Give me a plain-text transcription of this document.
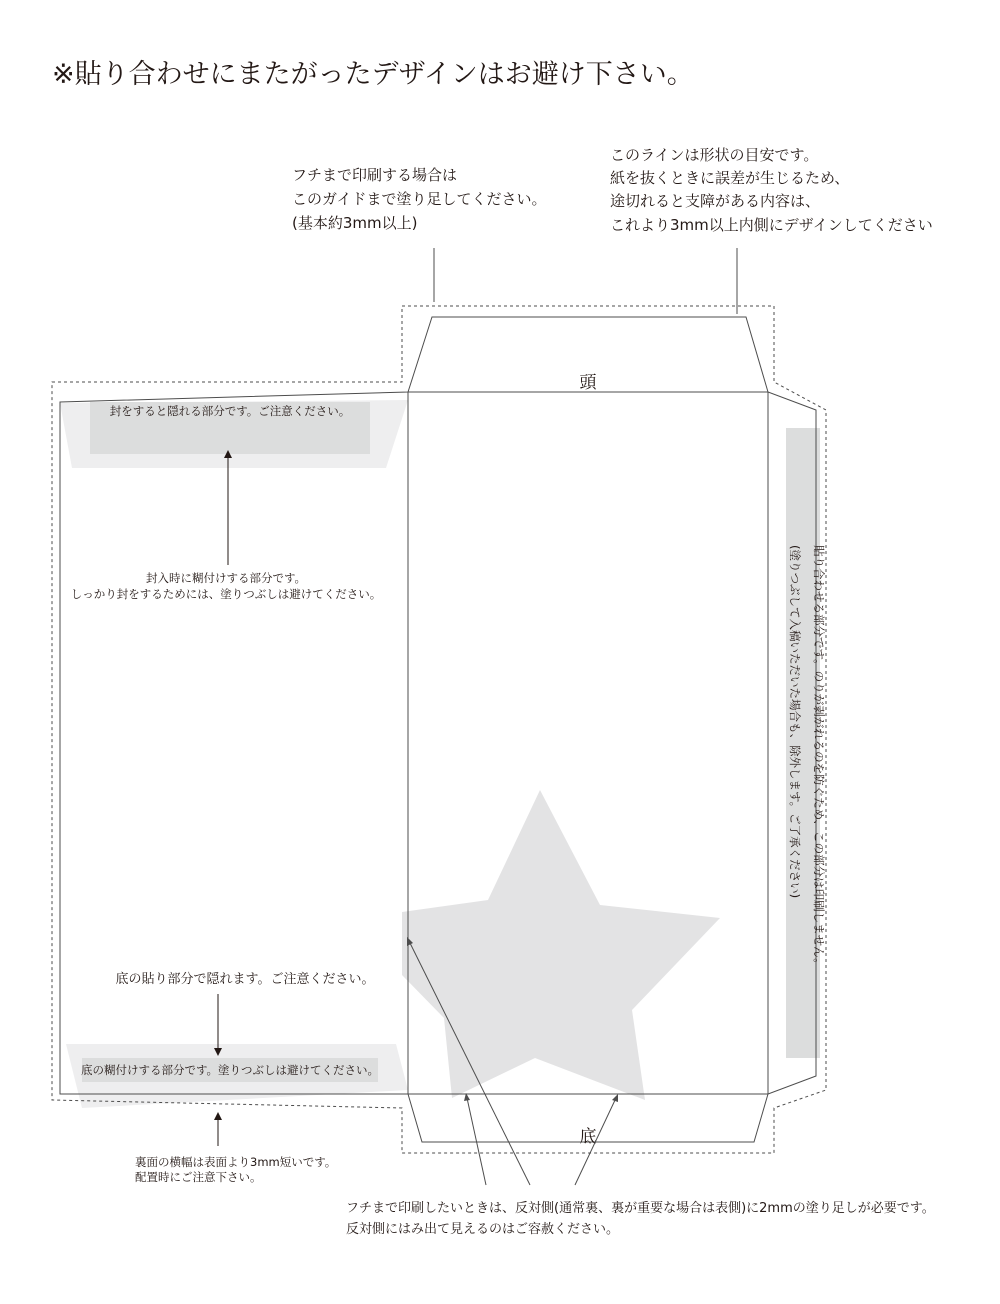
※貼り合わせにまたがったデザインはお避け下さい。
頭
底
フチまで印刷する場合は
このガイドまで塗り足してください。
(基本約3mm以上)
このラインは形状の目安です。
紙を抜くときに誤差が生じるため、
途切れると支障がある内容は、
これより3mm以上内側にデザインしてください
封をすると隠れる部分です。ご注意ください。
封入時に糊付けする部分です。
しっかり封をするためには、塗りつぶしは避けてください。
底の貼り部分で隠れます。ご注意ください。
底の糊付けする部分です。塗りつぶしは避けてください。
裏面の横幅は表面より3mm短いです。
配置時にご注意下さい。
フチまで印刷したいときは、反対側(通常裏、裏が重要な場合は表側)に2mmの塗り足しが必要です。
反対側にはみ出て見えるのはご容赦ください。
貼り合わせる部分です。のりが剥がれるのを防ぐため、この部分は印刷しません。
(塗りつぶして入稿いただいた場合も、除外します。ご了承ください)
